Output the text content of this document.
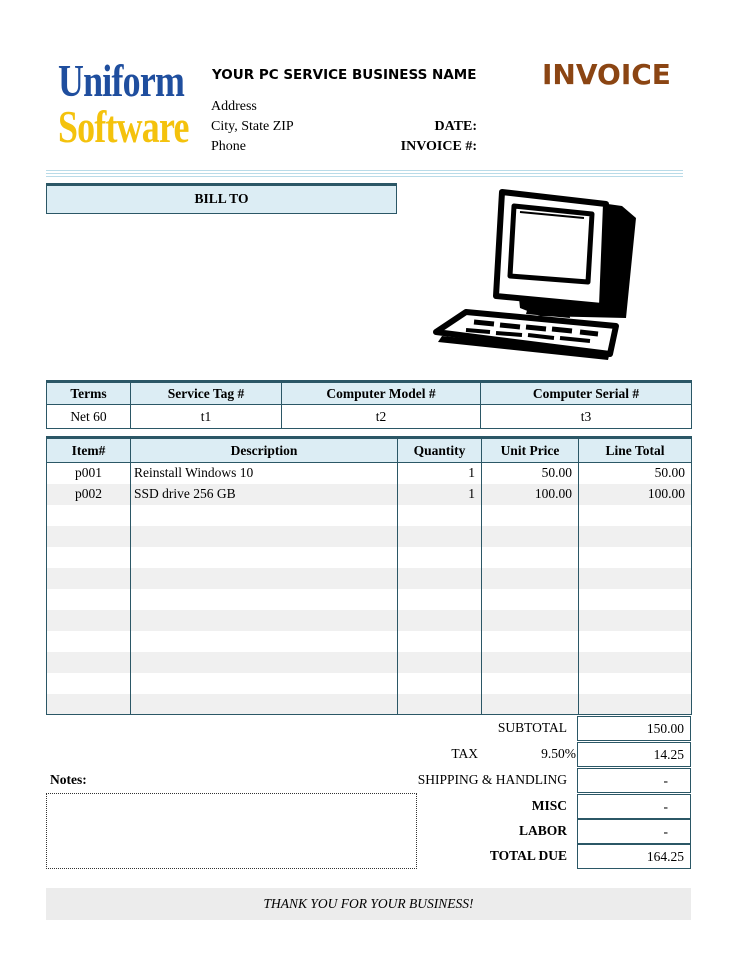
Uniform
Software
YOUR PC SERVICE BUSINESS NAME INVOICE
Address
City, State ZIP
Phone
DATE:
INVOICE #:
BILL TO
Terms	Service Tag #	Computer Model #	Computer Serial #
Net 60	t1	t2	t3
Item#	Description	Quantity	Unit Price	Line Total
p001	Reinstall Windows 10	1	50.00	50.00
p002	SSD drive 256 GB	1	100.00	100.00

SUBTOTAL	150.00
TAX	9.50%	14.25
SHIPPING & HANDLING	-
MISC	-
LABOR	-
TOTAL DUE	164.25
Notes:
THANK YOU FOR YOUR BUSINESS!
